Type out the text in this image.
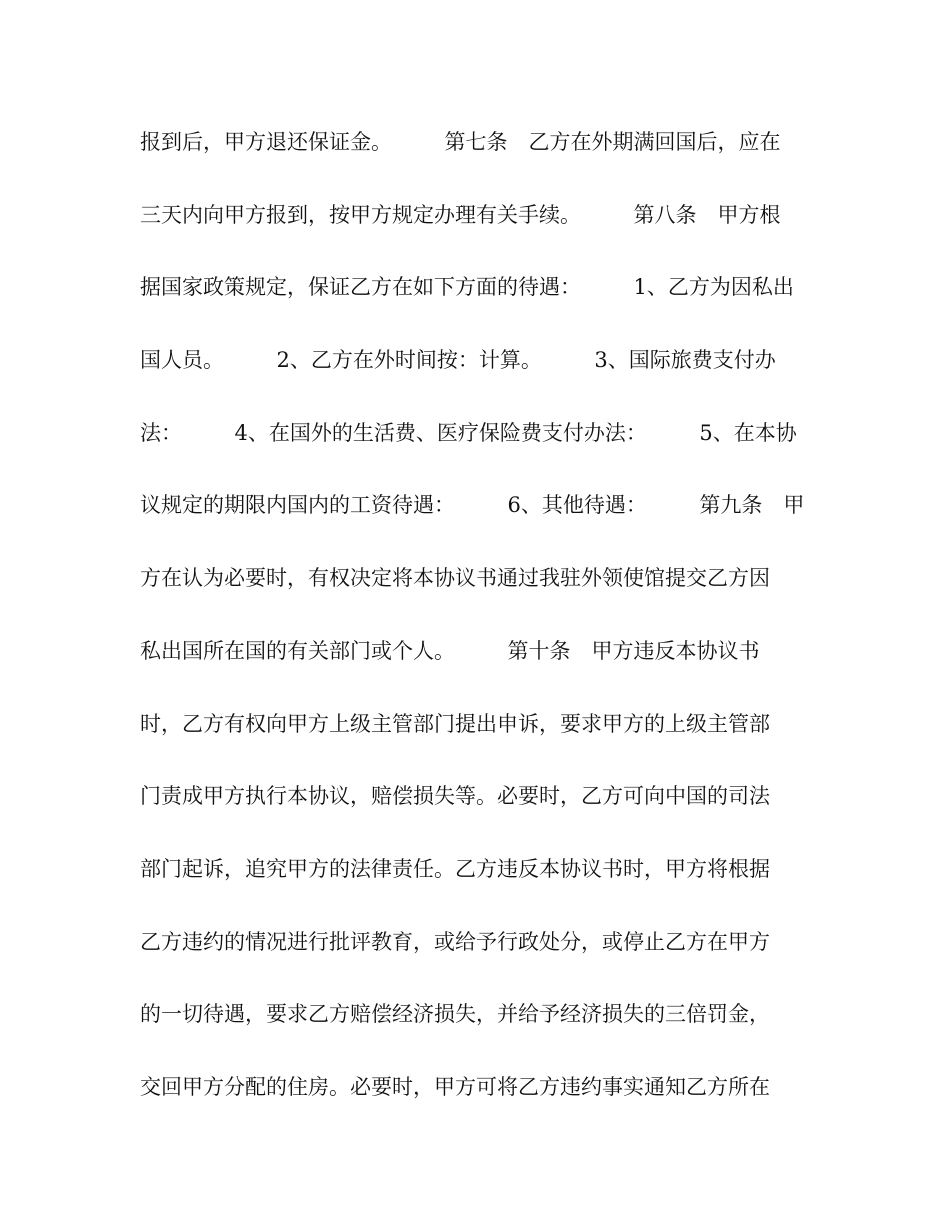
报到后，甲方退还保证金。　　　第七条　乙方在外期满回国后，应在
三天内向甲方报到，按甲方规定办理有关手续。　　　第八条　甲方根
据国家政策规定，保证乙方在如下方面的待遇：　　　1、乙方为因私出
国人员。　　　2、乙方在外时间按：计算。　　　3、国际旅费支付办
法：　　　4、在国外的生活费、医疗保险费支付办法：　　　5、在本协
议规定的期限内国内的工资待遇：　　　6、其他待遇：　　　第九条　甲
方在认为必要时，有权决定将本协议书通过我驻外领使馆提交乙方因
私出国所在国的有关部门或个人。　　　第十条　甲方违反本协议书
时，乙方有权向甲方上级主管部门提出申诉，要求甲方的上级主管部
门责成甲方执行本协议，赔偿损失等。必要时，乙方可向中国的司法
部门起诉，追究甲方的法律责任。乙方违反本协议书时，甲方将根据
乙方违约的情况进行批评教育，或给予行政处分，或停止乙方在甲方
的一切待遇，要求乙方赔偿经济损失，并给予经济损失的三倍罚金，
交回甲方分配的住房。必要时，甲方可将乙方违约事实通知乙方所在
